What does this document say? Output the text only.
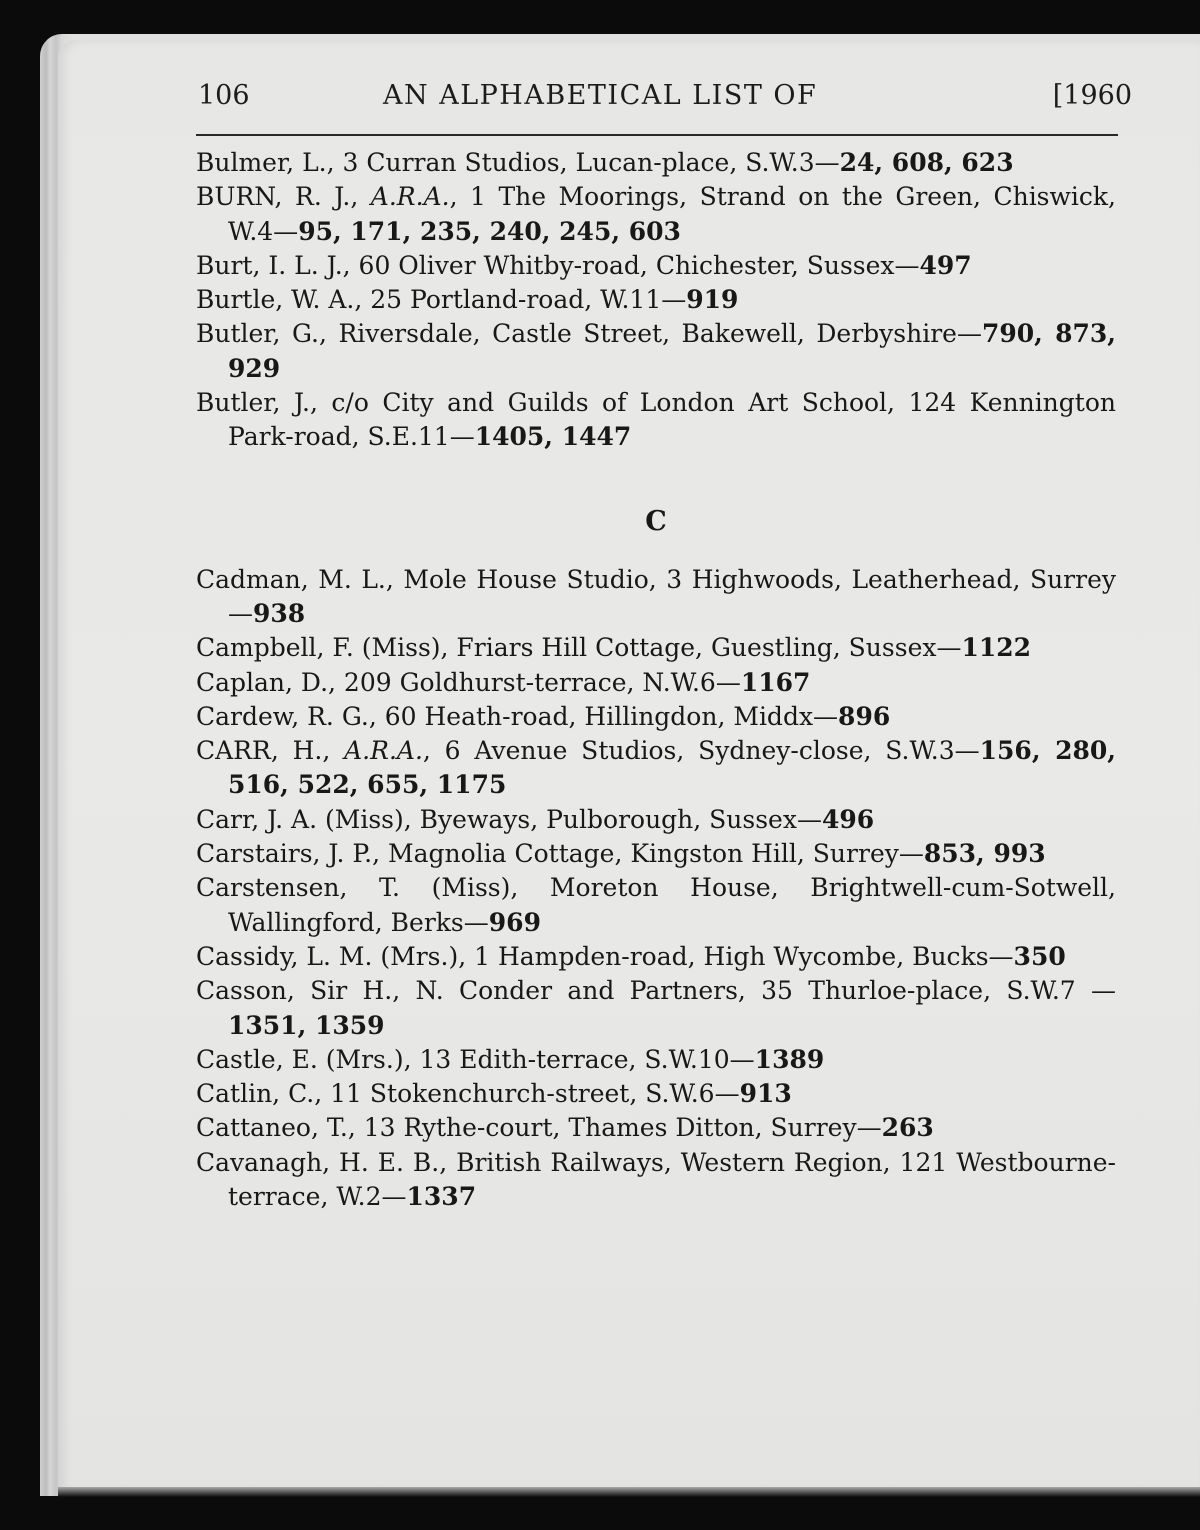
106	AN ALPHABETICAL LIST OF	[1960
Bulmer, L., 3 Curran Studios, Lucan-place, S.W.3—24, 608, 623
BURN, R. J., A.R.A., 1 The Moorings, Strand on the Green, Chiswick, W.4—95, 171, 235, 240, 245, 603
Burt, I. L. J., 60 Oliver Whitby-road, Chichester, Sussex—497
Burtle, W. A., 25 Portland-road, W.11—919
Butler, G., Riversdale, Castle Street, Bakewell, Derbyshire—790, 873, 929
Butler, J., c/o City and Guilds of London Art School, 124 Kennington Park-road, S.E.11—1405, 1447
C
Cadman, M. L., Mole House Studio, 3 Highwoods, Leatherhead, Surrey—938
Campbell, F. (Miss), Friars Hill Cottage, Guestling, Sussex—1122
Caplan, D., 209 Goldhurst-terrace, N.W.6—1167
Cardew, R. G., 60 Heath-road, Hillingdon, Middx—896
CARR, H., A.R.A., 6 Avenue Studios, Sydney-close, S.W.3—156, 280, 516, 522, 655, 1175
Carr, J. A. (Miss), Byeways, Pulborough, Sussex—496
Carstairs, J. P., Magnolia Cottage, Kingston Hill, Surrey—853, 993
Carstensen, T. (Miss), Moreton House, Brightwell-cum-Sotwell, Wallingford, Berks—969
Cassidy, L. M. (Mrs.), 1 Hampden-road, High Wycombe, Bucks—350
Casson, Sir H., N. Conder and Partners, 35 Thurloe-place, S.W.7 —1351, 1359
Castle, E. (Mrs.), 13 Edith-terrace, S.W.10—1389
Catlin, C., 11 Stokenchurch-street, S.W.6—913
Cattaneo, T., 13 Rythe-court, Thames Ditton, Surrey—263
Cavanagh, H. E. B., British Railways, Western Region, 121 Westbourne-terrace, W.2—1337
